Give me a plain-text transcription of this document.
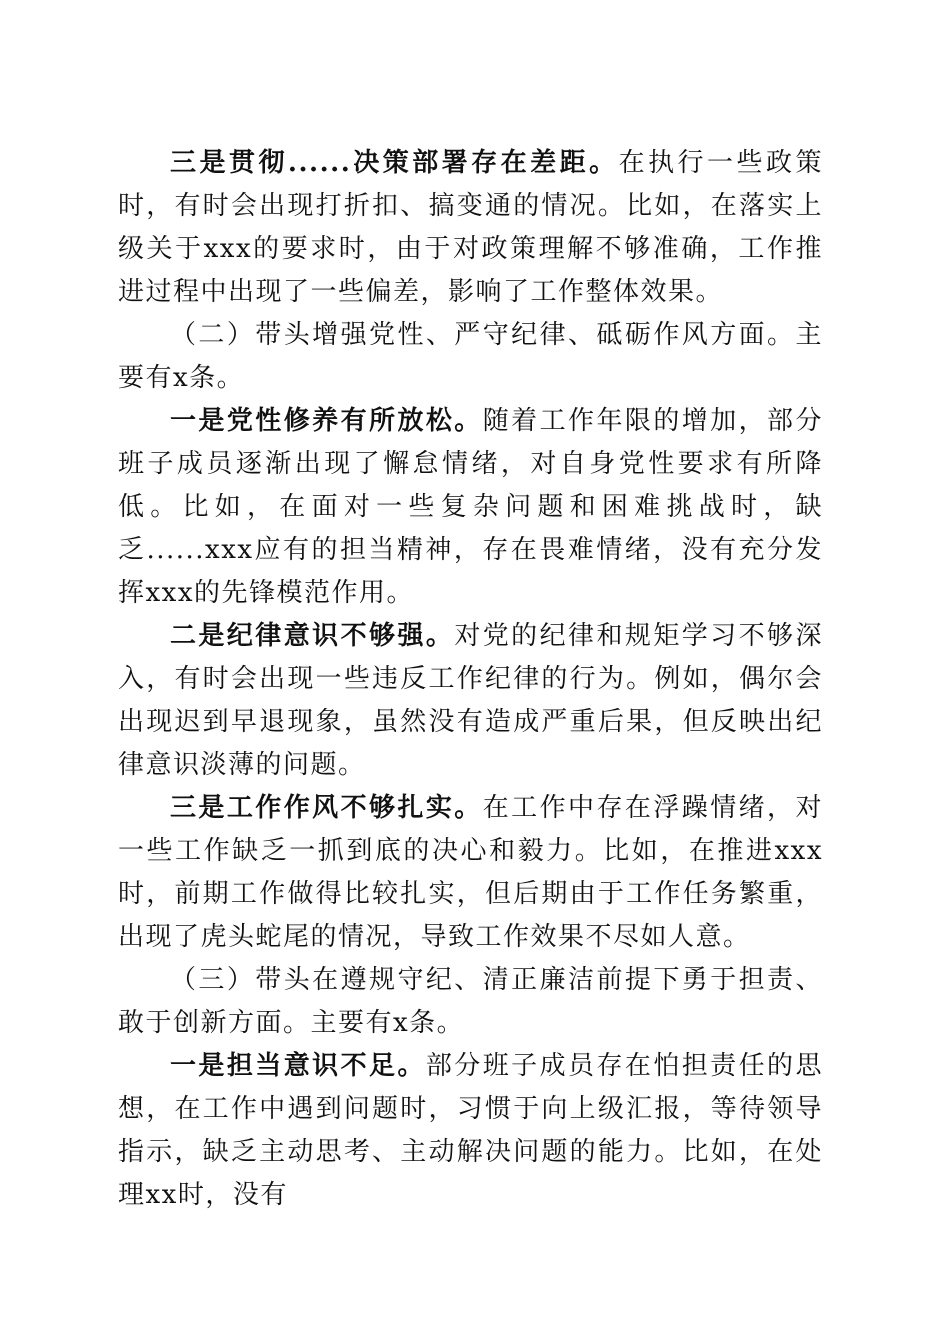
三是贯彻......决策部署存在差距。在执行一些政策时，有时会出现打折扣、搞变通的情况。比如，在落实上级关于xxx的要求时，由于对政策理解不够准确，工作推进过程中出现了一些偏差，影响了工作整体效果。

（二）带头增强党性、严守纪律、砥砺作风方面。主要有x条。

一是党性修养有所放松。随着工作年限的增加，部分班子成员逐渐出现了懈怠情绪，对自身党性要求有所降低。比如，在面对一些复杂问题和困难挑战时，缺乏......xxx应有的担当精神，存在畏难情绪，没有充分发挥xxx的先锋模范作用。

二是纪律意识不够强。对党的纪律和规矩学习不够深入，有时会出现一些违反工作纪律的行为。例如，偶尔会出现迟到早退现象，虽然没有造成严重后果，但反映出纪律意识淡薄的问题。

三是工作作风不够扎实。在工作中存在浮躁情绪，对一些工作缺乏一抓到底的决心和毅力。比如，在推进xxx时，前期工作做得比较扎实，但后期由于工作任务繁重，出现了虎头蛇尾的情况，导致工作效果不尽如人意。

（三）带头在遵规守纪、清正廉洁前提下勇于担责、敢于创新方面。主要有x条。

一是担当意识不足。部分班子成员存在怕担责任的思想，在工作中遇到问题时，习惯于向上级汇报，等待领导指示，缺乏主动思考、主动解决问题的能力。比如，在处理xx时，没有
